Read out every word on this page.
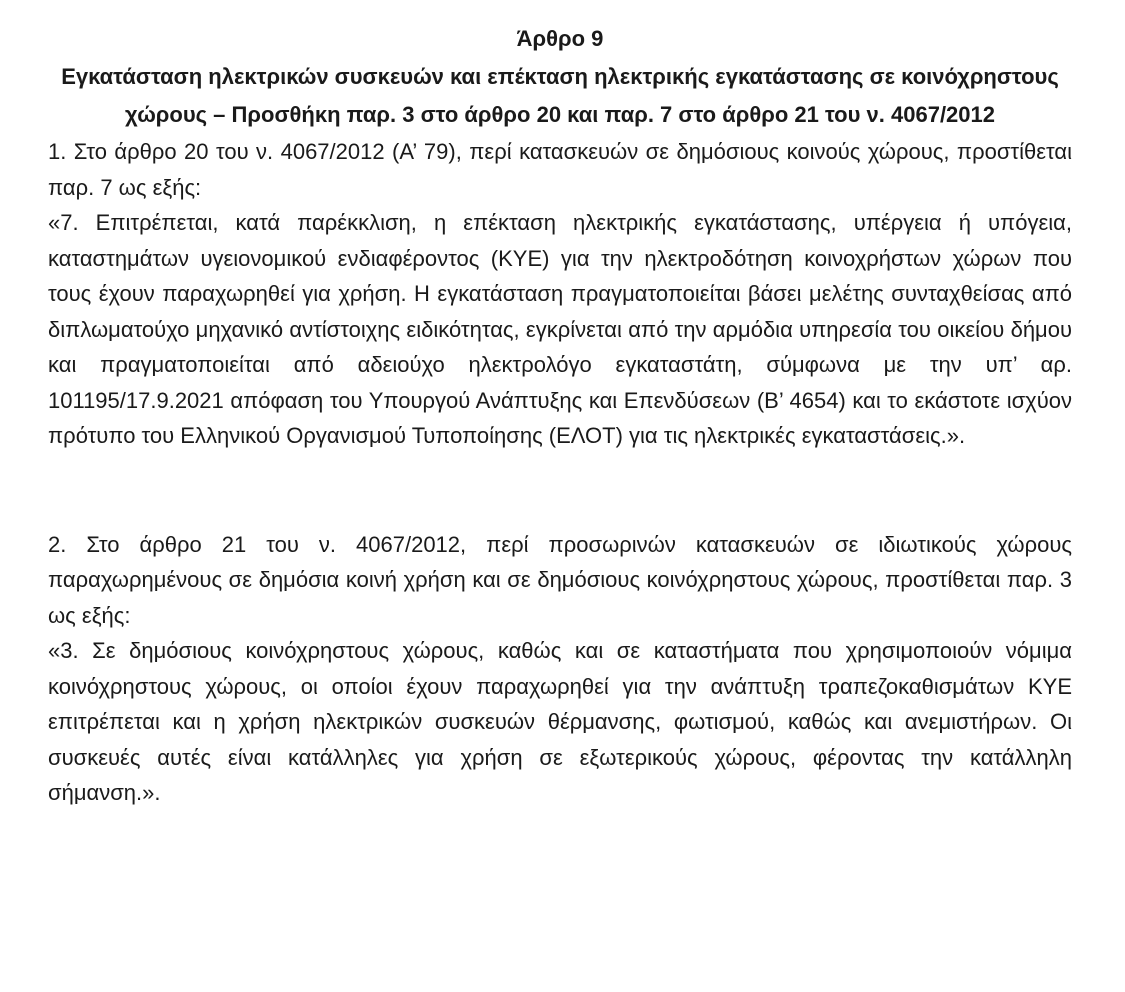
Άρθρο 9
Εγκατάσταση ηλεκτρικών συσκευών και επέκταση ηλεκτρικής εγκατάστασης σε κοινόχρηστους χώρους – Προσθήκη παρ. 3 στο άρθρο 20 και παρ. 7 στο άρθρο 21 του ν. 4067/2012

1. Στο άρθρο 20 του ν. 4067/2012 (Α’ 79), περί κατασκευών σε δημόσιους κοινούς χώρους, προστίθεται παρ. 7 ως εξής:

«7. Επιτρέπεται, κατά παρέκκλιση, η επέκταση ηλεκτρικής εγκατάστασης, υπέργεια ή υπόγεια, καταστημάτων υγειονομικού ενδιαφέροντος (ΚΥΕ) για την ηλεκτροδότηση κοινοχρήστων χώρων που τους έχουν παραχωρηθεί για χρήση. Η εγκατάσταση πραγματοποιείται βάσει μελέτης συνταχθείσας από διπλωματούχο μηχανικό αντίστοιχης ειδικότητας, εγκρίνεται από την αρμόδια υπηρεσία του οικείου δήμου και πραγματοποιείται από αδειούχο ηλεκτρολόγο εγκαταστάτη, σύμφωνα με την υπ’ αρ. 101195/17.9.2021 απόφαση του Υπουργού Ανάπτυξης και Επενδύσεων (Β’ 4654) και το εκάστοτε ισχύον πρότυπο του Ελληνικού Οργανισμού Τυποποίησης (ΕΛΟΤ) για τις ηλεκτρικές εγκαταστάσεις.».

2. Στο άρθρο 21 του ν. 4067/2012, περί προσωρινών κατασκευών σε ιδιωτικούς χώρους παραχωρημένους σε δημόσια κοινή χρήση και σε δημόσιους κοινόχρηστους χώρους, προστίθεται παρ. 3 ως εξής:

«3. Σε δημόσιους κοινόχρηστους χώρους, καθώς και σε καταστήματα που χρησιμοποιούν νόμιμα κοινόχρηστους χώρους, οι οποίοι έχουν παραχωρηθεί για την ανάπτυξη τραπεζοκαθισμάτων ΚΥΕ επιτρέπεται και η χρήση ηλεκτρικών συσκευών θέρμανσης, φωτισμού, καθώς και ανεμιστήρων. Οι συσκευές αυτές είναι κατάλληλες για χρήση σε εξωτερικούς χώρους, φέροντας την κατάλληλη σήμανση.».
